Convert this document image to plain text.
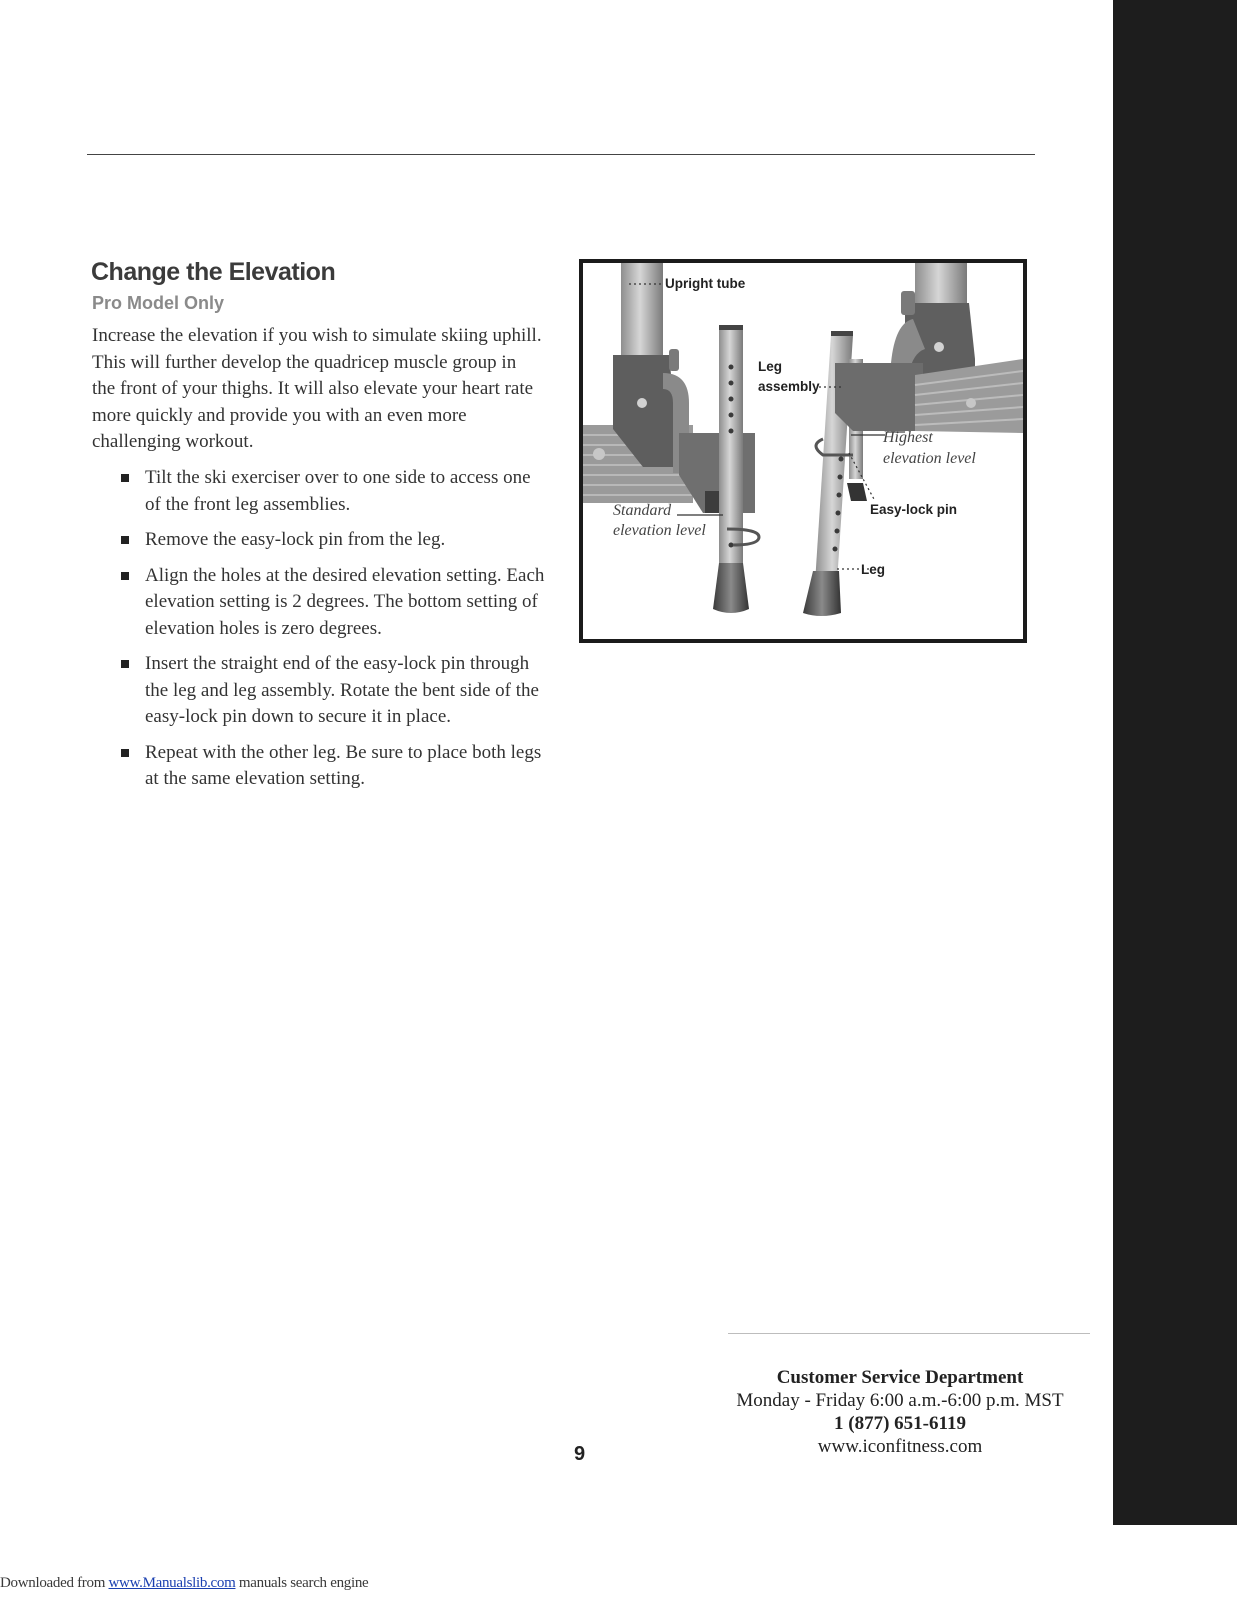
Change the Elevation
Pro Model Only

Increase the elevation if you wish to simulate skiing uphill. This will further develop the quadricep muscle group in the front of your thighs. It will also elevate your heart rate more quickly and provide you with an even more challenging workout.

Tilt the ski exerciser over to one side to access one of the front leg assemblies.
Remove the easy-lock pin from the leg.
Align the holes at the desired elevation setting. Each elevation setting is 2 degrees. The bottom setting of elevation holes is zero degrees.
Insert the straight end of the easy-lock pin through the leg and leg assembly. Rotate the bent side of the easy-lock pin down to secure it in place.
Repeat with the other leg. Be sure to place both legs at the same elevation setting.
Upright tube
Leg
assembly
Highest
elevation level
Easy-lock pin
Standard
elevation level
Leg
Customer Service Department
Monday - Friday 6:00 a.m.-6:00 p.m. MST
1 (877) 651-6119
www.iconfitness.com
9
Downloaded from www.Manualslib.com manuals search engine
